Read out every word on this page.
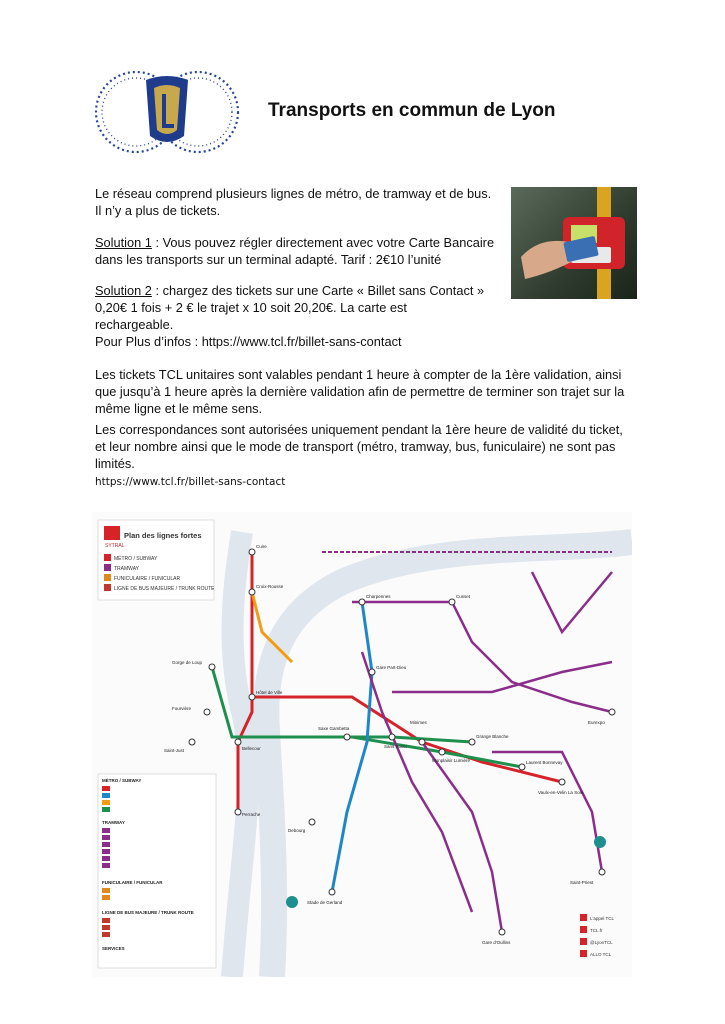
Transports en commun de Lyon

Le réseau comprend plusieurs lignes de métro, de tramway et de bus.
Il n’y a plus de tickets.

Solution 1 : Vous pouvez régler directement avec votre Carte Bancaire
dans les transports sur un terminal adapté. Tarif : 2€10 l’unité

Solution 2 : chargez des tickets sur une Carte « Billet sans Contact »
0,20€ 1 fois + 2 € le trajet x 10 soit 20,20€. La carte est
rechargeable.

Pour Plus d’infos : https://www.tcl.fr/billet-sans-contact

Les tickets TCL unitaires sont valables pendant 1 heure à compter de la 1ère validation, ainsi
que jusqu’à 1 heure après la dernière validation afin de permettre de terminer son trajet sur la
même ligne et le même sens.

Les correspondances sont autorisées uniquement pendant la 1ère heure de validité du ticket,
et leur nombre ainsi que le mode de transport (métro, tramway, bus, funiculaire) ne sont pas
limités.

https://www.tcl.fr/billet-sans-contact
SYTRAL
Plan des lignes fortes
MÉTRO / SUBWAY
TRAMWAY
FUNICULAIRE / FUNICULAR
LIGNE DE BUS MAJEURE / TRUNK ROUTE
Hôtel de Ville
Bellecour
Perrache
Gare Part-Dieu
Charpennes
Grange Blanche
Cusset
Stade de Gerland
Gorge de Loup
Saxe Gambetta
Sans Souci
Monplaisir Lumière
Croix-Rousse
Cuire
Laurent Bonnevay
Vaulx-en-Velin La Soie
Eurexpo
Saint-Priest
Saint-Just
Fourvière
Gare d'Oullins
Debourg
Minimes
MÉTRO / SUBWAY
TRAMWAY
FUNICULAIRE / FUNICULAR
LIGNE DE BUS MAJEURE / TRUNK ROUTE
SERVICES
L'appel TCL
TCL.fr
@LyonTCL
ALLO TCL
